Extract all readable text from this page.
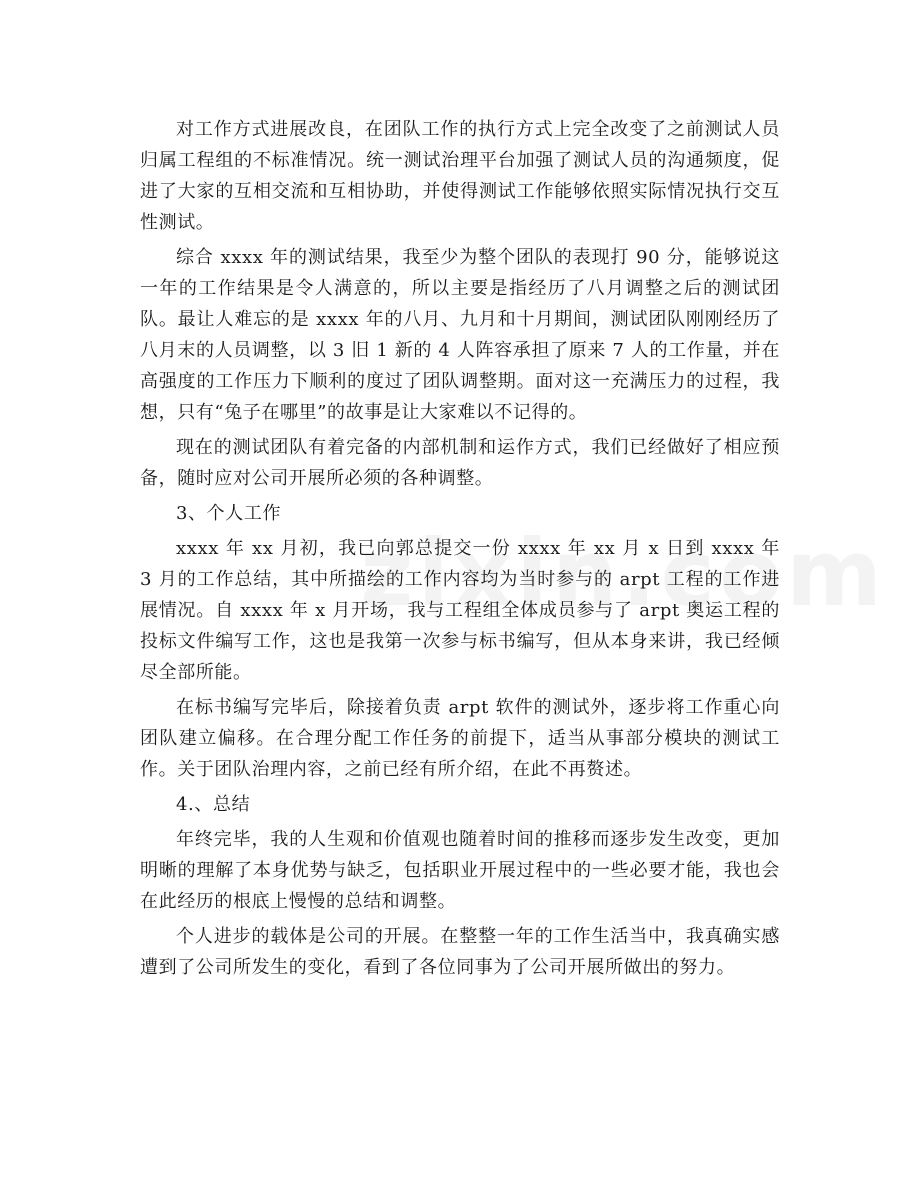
对工作方式进展改良，在团队工作的执行方式上完全改变了之前测试人员归属工程组的不标准情况。统一测试治理平台加强了测试人员的沟通频度，促进了大家的互相交流和互相协助，并使得测试工作能够依照实际情况执行交互性测试。

综合 xxxx 年的测试结果，我至少为整个团队的表现打 90 分，能够说这一年的工作结果是令人满意的，所以主要是指经历了八月调整之后的测试团队。最让人难忘的是 xxxx 年的八月、九月和十月期间，测试团队刚刚经历了八月末的人员调整，以 3 旧 1 新的 4 人阵容承担了原来 7 人的工作量，并在高强度的工作压力下顺利的度过了团队调整期。面对这一充满压力的过程，我想，只有“兔子在哪里”的故事是让大家难以不记得的。

现在的测试团队有着完备的内部机制和运作方式，我们已经做好了相应预备，随时应对公司开展所必须的各种调整。

3、个人工作

xxxx 年 xx 月初，我已向郭总提交一份 xxxx 年 xx 月 x 日到 xxxx 年 3 月的工作总结，其中所描绘的工作内容均为当时参与的 arpt 工程的工作进展情况。自 xxxx 年 x 月开场，我与工程组全体成员参与了 arpt 奥运工程的投标文件编写工作，这也是我第一次参与标书编写，但从本身来讲，我已经倾尽全部所能。

在标书编写完毕后，除接着负责 arpt 软件的测试外，逐步将工作重心向团队建立偏移。在合理分配工作任务的前提下，适当从事部分模块的测试工作。关于团队治理内容，之前已经有所介绍，在此不再赘述。

4.、总结

年终完毕，我的人生观和价值观也随着时间的推移而逐步发生改变，更加明晰的理解了本身优势与缺乏，包括职业开展过程中的一些必要才能，我也会在此经历的根底上慢慢的总结和调整。

个人进步的载体是公司的开展。在整整一年的工作生活当中，我真确实感遭到了公司所发生的变化，看到了各位同事为了公司开展所做出的努力。
